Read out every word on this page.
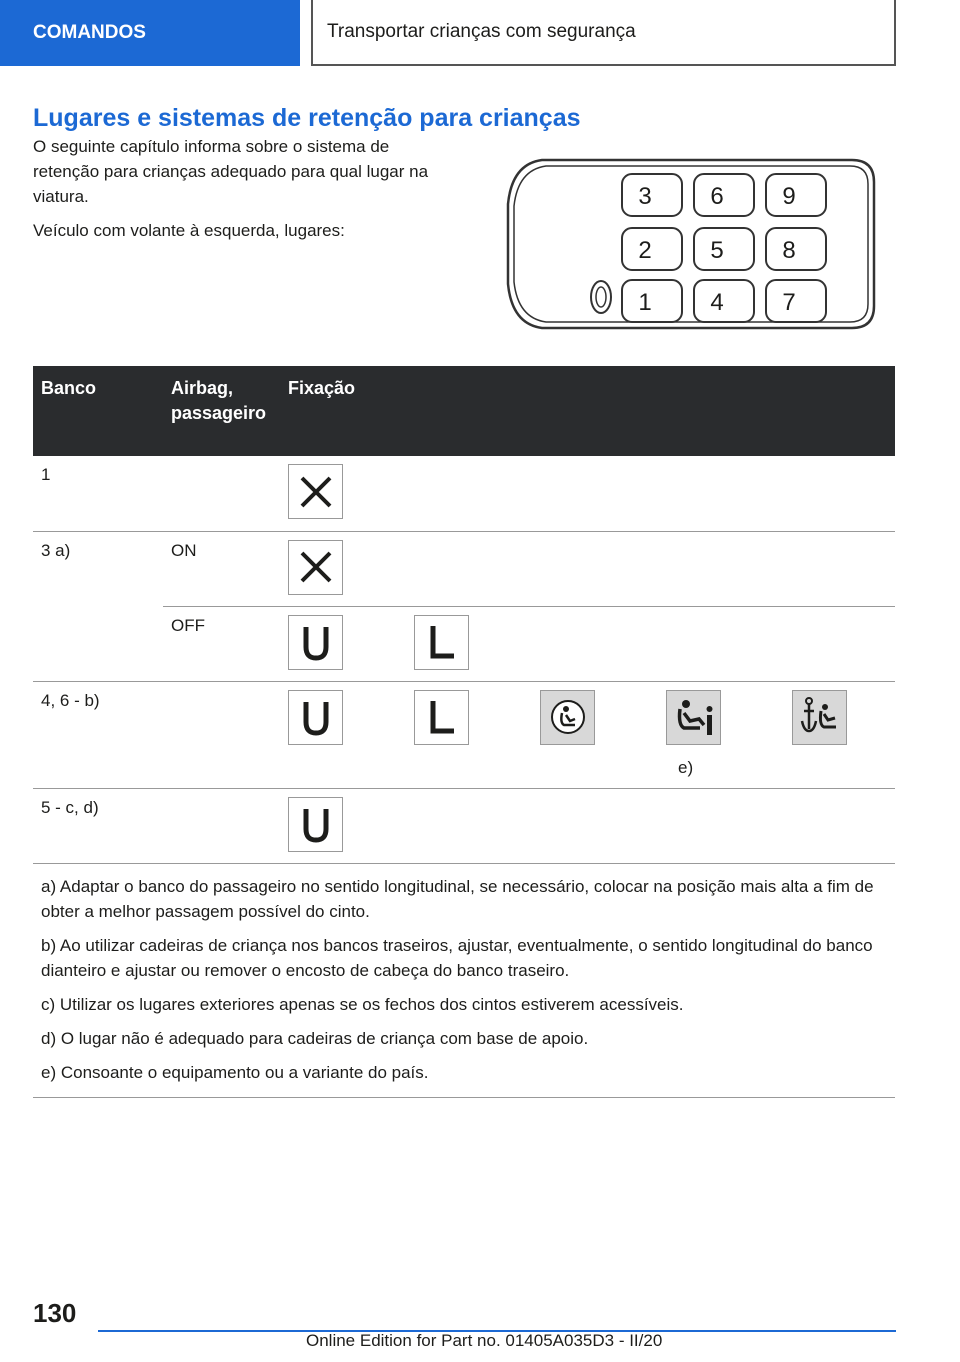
COMANDOS	Transportar crianças com segurança
Lugares e sistemas de retenção para crianças

O seguinte capítulo informa sobre o sistema de retenção para crianças adequado para qual lugar na viatura.

Veículo com volante à esquerda, lugares:

3 6 9
2 5 8
1 4 7
Banco	Airbag, passageiro	Fixação
1		

3 a)	ON	

	OFF	

4, 6 - b)		e)

5 - c, d)		

a) Adaptar o banco do passageiro no sentido longitudinal, se necessário, colocar na posição mais alta a fim de obter a melhor passagem possível do cinto.

b) Ao utilizar cadeiras de criança nos bancos traseiros, ajustar, eventualmente, o sentido longitudinal do banco dianteiro e ajustar ou remover o encosto de cabeça do banco traseiro.

c) Utilizar os lugares exteriores apenas se os fechos dos cintos estiverem acessíveis.

d) O lugar não é adequado para cadeiras de criança com base de apoio.

e) Consoante o equipamento ou a variante do país.

130
Online Edition for Part no. 01405A035D3 - II/20
